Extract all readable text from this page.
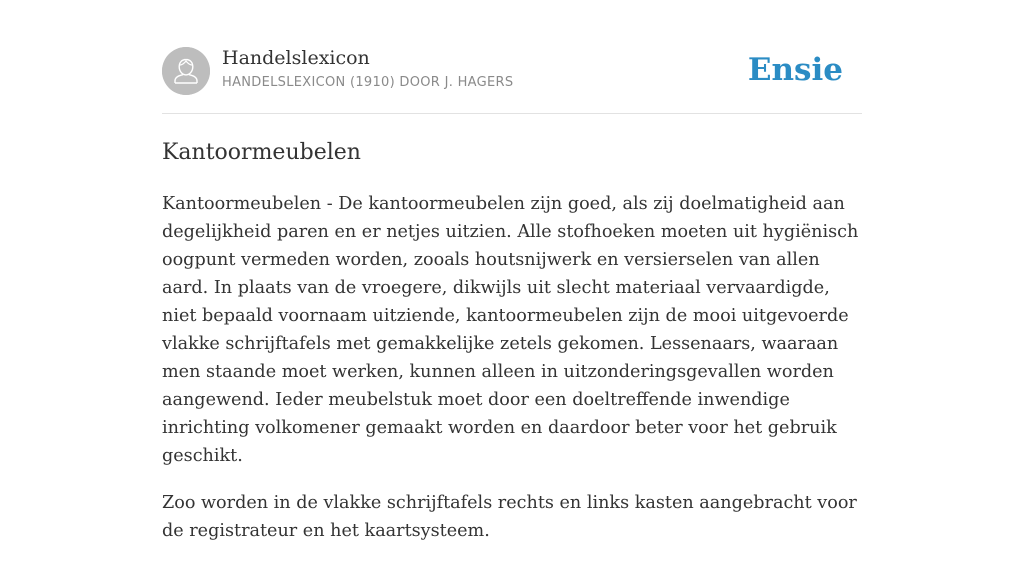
Handelslexicon
HANDELSLEXICON (1910) DOOR J. HAGERS	Ensie
Kantoormeubelen

Kantoormeubelen - De kantoormeubelen zijn goed, als zij doelmatigheid aan degelijkheid paren en er netjes uitzien. Alle stofhoeken moeten uit hygiënisch oogpunt vermeden worden, zooals houtsnijwerk en versierselen van allen aard. In plaats van de vroegere, dikwijls uit slecht materiaal vervaardigde, niet bepaald voornaam uitziende, kantoormeubelen zijn de mooi uitgevoerde vlakke schrijftafels met gemakkelijke zetels gekomen. Lessenaars, waaraan men staande moet werken, kunnen alleen in uitzonderingsgevallen worden aangewend. Ieder meubelstuk moet door een doeltreffende inwendige inrichting volkomener gemaakt worden en daardoor beter voor het gebruik geschikt.

Zoo worden in de vlakke schrijftafels rechts en links kasten aangebracht voor de registrateur en het kaartsysteem.
